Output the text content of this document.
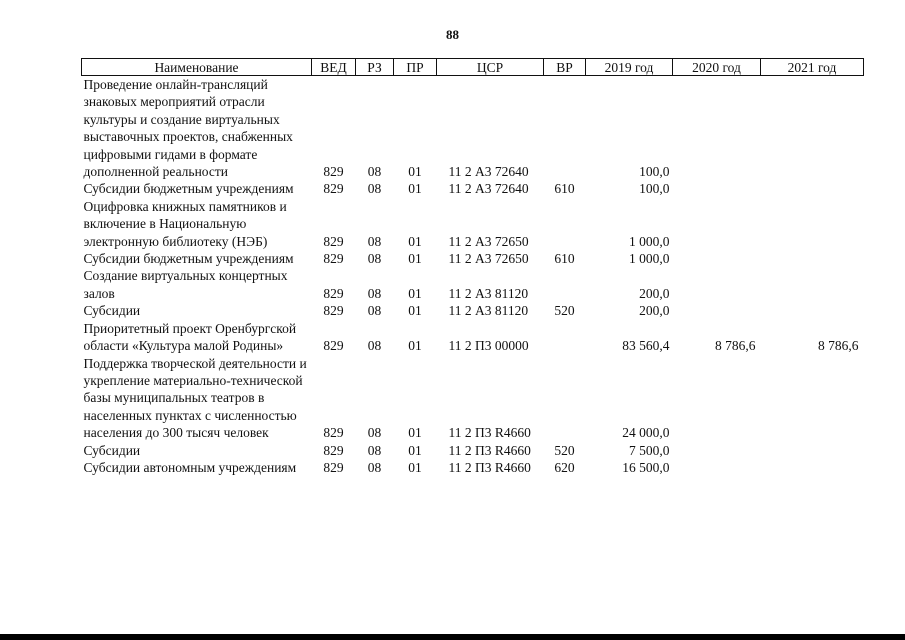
88
Наименование	ВЕД	РЗ	ПР	ЦСР	ВР	2019 год	2020 год	2021 год
Проведение онлайн-трансляций знаковых мероприятий отрасли культуры и создание виртуальных выставочных проектов, снабженных цифровыми гидами в формате дополненной реальности	829	08	01	11 2 А3 72640		100,0		
Субсидии бюджетным учреждениям	829	08	01	11 2 А3 72640	610	100,0		
Оцифровка книжных памятников и включение в Национальную электронную библиотеку (НЭБ)	829	08	01	11 2 А3 72650		1 000,0		
Субсидии бюджетным учреждениям	829	08	01	11 2 А3 72650	610	1 000,0		
Создание виртуальных концертных залов	829	08	01	11 2 А3 81120		200,0		
Субсидии	829	08	01	11 2 А3 81120	520	200,0		
Приоритетный проект Оренбургской области «Культура малой Родины»	829	08	01	11 2 П3 00000		83 560,4	8 786,6	8 786,6
Поддержка творческой деятельности и укрепление материально-технической базы муниципальных театров в населенных пунктах с численностью населения до 300 тысяч человек	829	08	01	11 2 П3 R4660		24 000,0		
Субсидии	829	08	01	11 2 П3 R4660	520	7 500,0		
Субсидии автономным учреждениям	829	08	01	11 2 П3 R4660	620	16 500,0		
